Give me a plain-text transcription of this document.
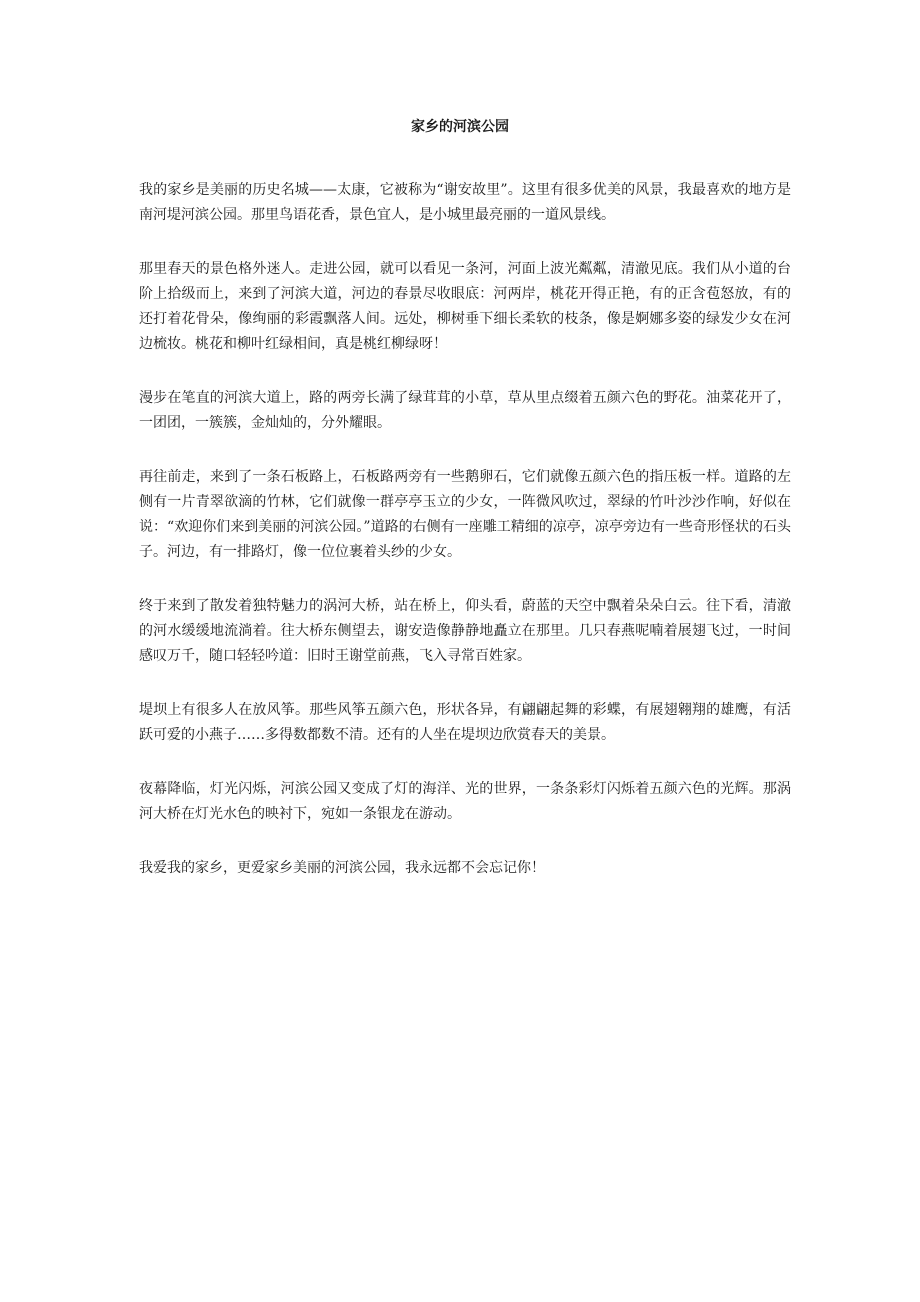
家乡的河滨公园

我的家乡是美丽的历史名城——太康，它被称为“谢安故里”。这里有很多优美的风景，我最喜欢的地方是南河堤河滨公园。那里鸟语花香，景色宜人，是小城里最亮丽的一道风景线。

那里春天的景色格外迷人。走进公园，就可以看见一条河，河面上波光粼粼，清澈见底。我们从小道的台阶上拾级而上，来到了河滨大道，河边的春景尽收眼底：河两岸，桃花开得正艳，有的正含苞怒放，有的还打着花骨朵，像绚丽的彩霞飘落人间。远处，柳树垂下细长柔软的枝条，像是婀娜多姿的绿发少女在河边梳妆。桃花和柳叶红绿相间，真是桃红柳绿呀！

漫步在笔直的河滨大道上，路的两旁长满了绿茸茸的小草，草从里点缀着五颜六色的野花。油菜花开了，一团团，一簇簇，金灿灿的，分外耀眼。

再往前走，来到了一条石板路上，石板路两旁有一些鹅卵石，它们就像五颜六色的指压板一样。道路的左侧有一片青翠欲滴的竹林，它们就像一群亭亭玉立的少女，一阵微风吹过，翠绿的竹叶沙沙作响，好似在说：“欢迎你们来到美丽的河滨公园。”道路的右侧有一座雕工精细的凉亭，凉亭旁边有一些奇形怪状的石头子。河边，有一排路灯，像一位位裹着头纱的少女。

终于来到了散发着独特魅力的涡河大桥，站在桥上，仰头看，蔚蓝的天空中飘着朵朵白云。往下看，清澈的河水缓缓地流淌着。往大桥东侧望去，谢安造像静静地矗立在那里。几只春燕呢喃着展翅飞过，一时间感叹万千，随口轻轻吟道：旧时王谢堂前燕，飞入寻常百姓家。

堤坝上有很多人在放风筝。那些风筝五颜六色，形状各异，有翩翩起舞的彩蝶，有展翅翱翔的雄鹰，有活跃可爱的小燕子……多得数都数不清。还有的人坐在堤坝边欣赏春天的美景。

夜幕降临，灯光闪烁，河滨公园又变成了灯的海洋、光的世界，一条条彩灯闪烁着五颜六色的光辉。那涡河大桥在灯光水色的映衬下，宛如一条银龙在游动。

我爱我的家乡，更爱家乡美丽的河滨公园，我永远都不会忘记你！
